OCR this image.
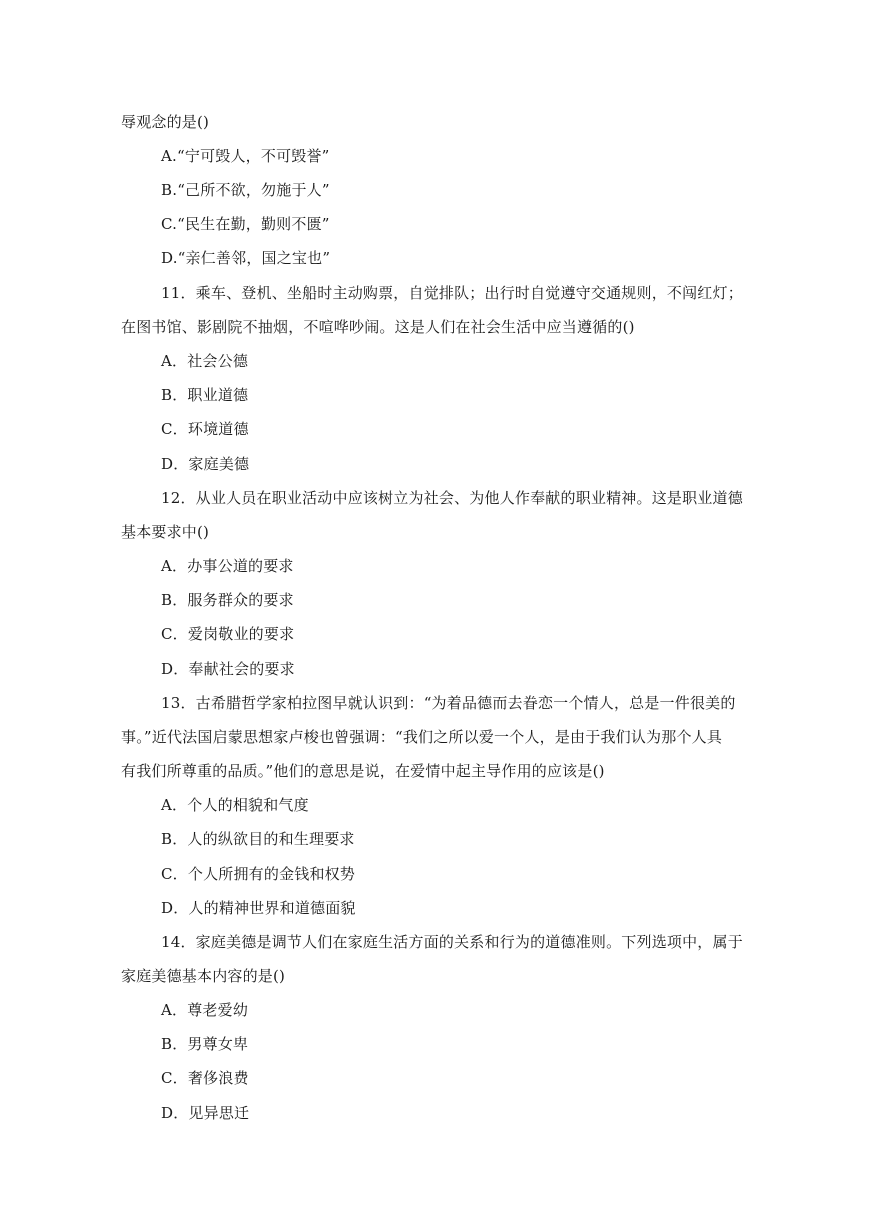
辱观念的是()
A.“宁可毁人，不可毁誉”
B.“己所不欲，勿施于人”
C.“民生在勤，勤则不匮”
D.“亲仁善邻，国之宝也”
11．乘车、登机、坐船时主动购票，自觉排队；出行时自觉遵守交通规则，不闯红灯；
在图书馆、影剧院不抽烟，不喧哗吵闹。这是人们在社会生活中应当遵循的()
A．社会公德
B．职业道德
C．环境道德
D．家庭美德
12．从业人员在职业活动中应该树立为社会、为他人作奉献的职业精神。这是职业道德
基本要求中()
A．办事公道的要求
B．服务群众的要求
C．爱岗敬业的要求
D．奉献社会的要求
13．古希腊哲学家柏拉图早就认识到：“为着品德而去眷恋一个情人，总是一件很美的
事。”近代法国启蒙思想家卢梭也曾强调：“我们之所以爱一个人，是由于我们认为那个人具
有我们所尊重的品质。”他们的意思是说，在爱情中起主导作用的应该是()
A．个人的相貌和气度
B．人的纵欲目的和生理要求
C．个人所拥有的金钱和权势
D．人的精神世界和道德面貌
14．家庭美德是调节人们在家庭生活方面的关系和行为的道德准则。下列选项中，属于
家庭美德基本内容的是()
A．尊老爱幼
B．男尊女卑
C．奢侈浪费
D．见异思迁
